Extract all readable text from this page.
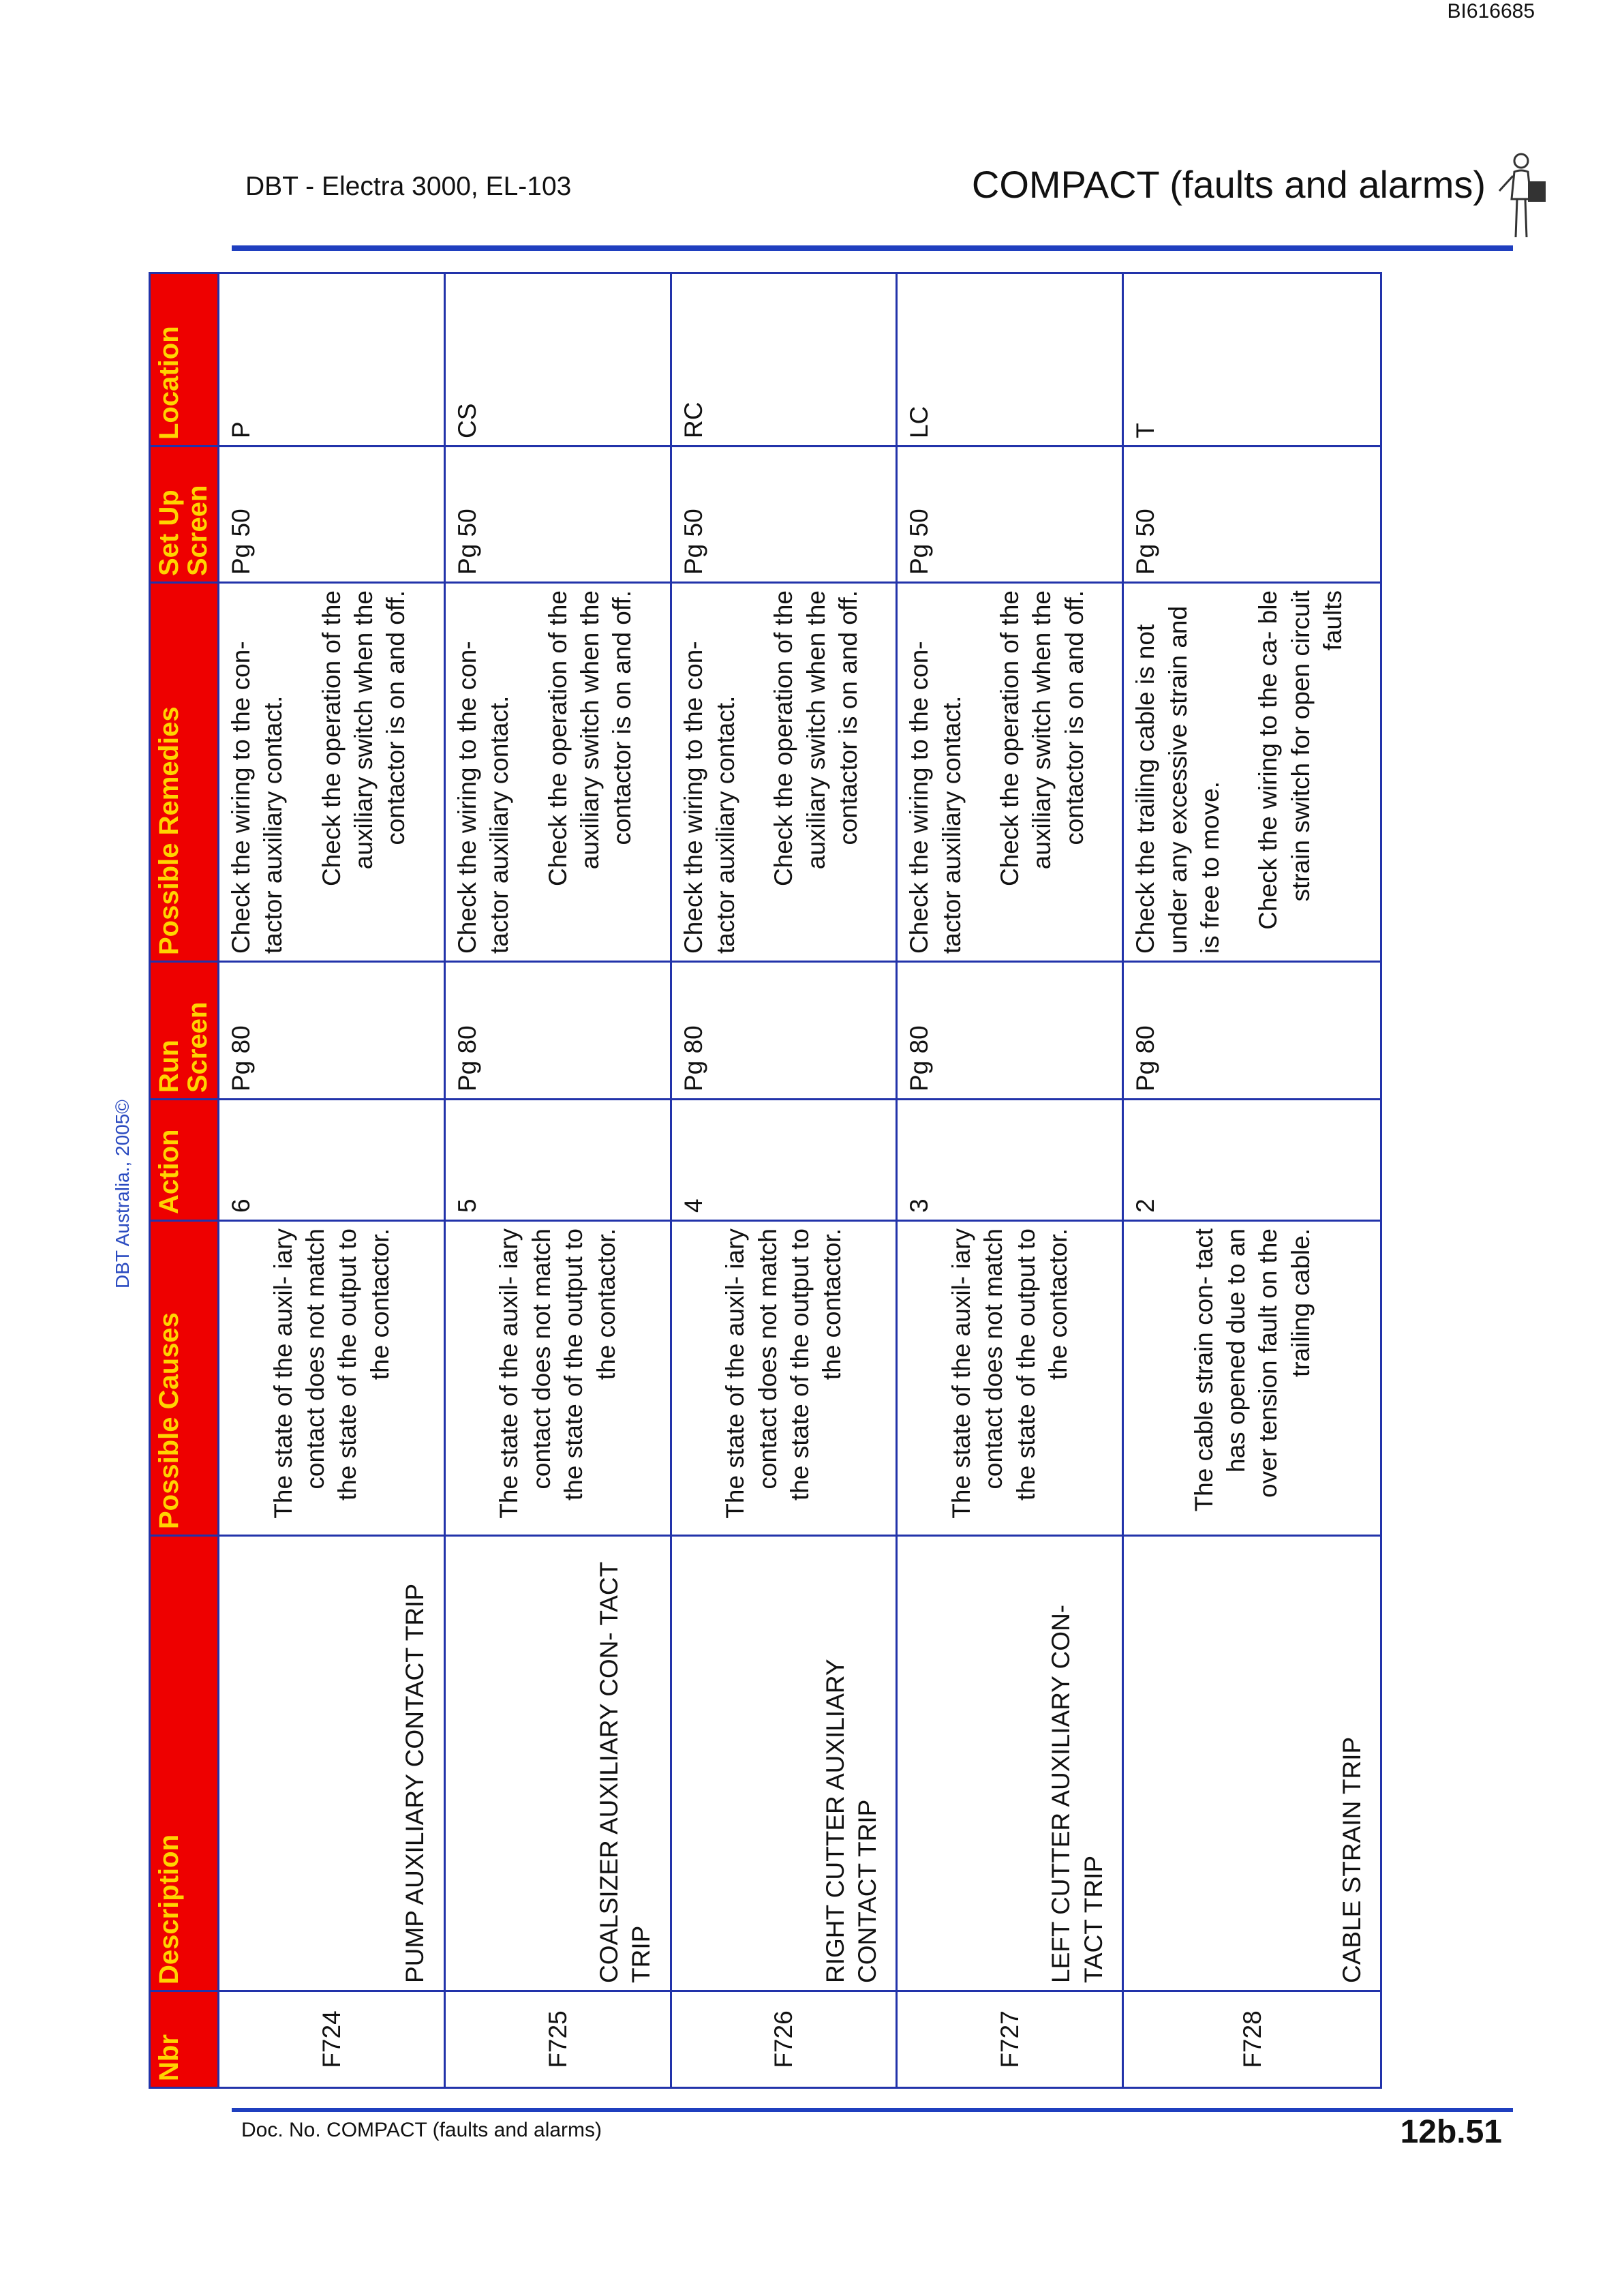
BI616685
DBT - Electra 3000, EL-103	COMPACT (faults and alarms)
DBT Australia., 2005©
Nbr	Description	Possible Causes	Action	Run Screen	Possible Remedies	Set Up Screen	Location
F724	PUMP AUXILIARY CONTACT TRIP	The state of the auxil- iary contact does not match the state of the output to the contactor.	6	Pg 80	Check the wiring to the con- tactor auxiliary contact. Check the operation of the auxiliary switch when the contactor is on and off.	Pg 50	P
F725	COALSIZER AUXILIARY CON- TACT TRIP	The state of the auxil- iary contact does not match the state of the output to the contactor.	5	Pg 80	Check the wiring to the con- tactor auxiliary contact. Check the operation of the auxiliary switch when the contactor is on and off.	Pg 50	CS
F726	RIGHT CUTTER AUXILIARY CONTACT TRIP	The state of the auxil- iary contact does not match the state of the output to the contactor.	4	Pg 80	Check the wiring to the con- tactor auxiliary contact. Check the operation of the auxiliary switch when the contactor is on and off.	Pg 50	RC
F727	LEFT CUTTER AUXILIARY CON- TACT TRIP	The state of the auxil- iary contact does not match the state of the output to the contactor.	3	Pg 80	Check the wiring to the con- tactor auxiliary contact. Check the operation of the auxiliary switch when the contactor is on and off.	Pg 50	LC
F728	CABLE STRAIN TRIP	The cable strain con- tact has opened due to an over tension fault on the trailing cable.	2	Pg 80	Check the trailing cable is not under any excessive strain and is free to move. Check the wiring to the ca- ble strain switch for open circuit faults	Pg 50	T
Doc. No. COMPACT (faults and alarms)	12b.51
